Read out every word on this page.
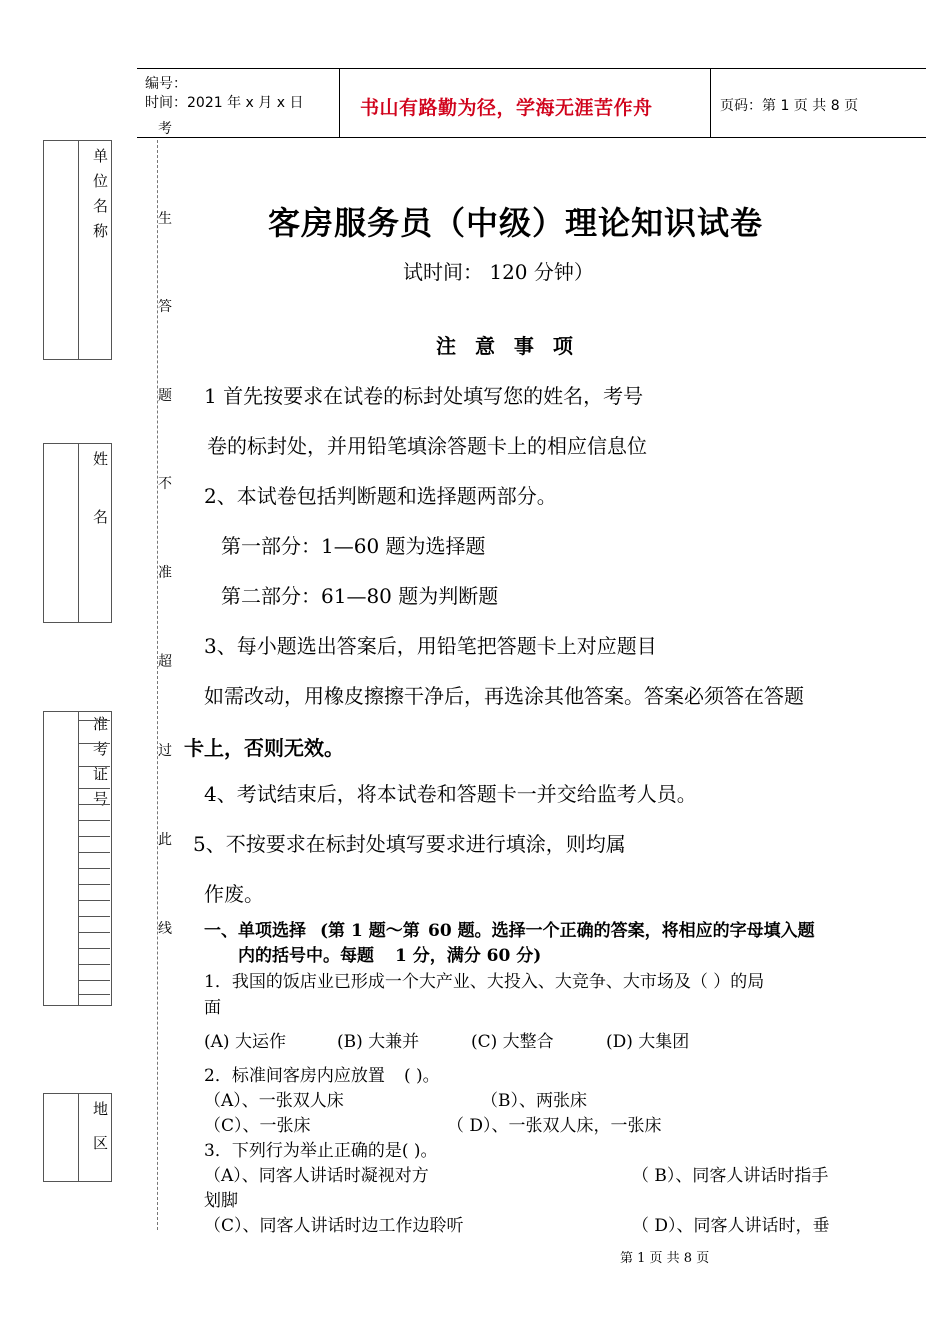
编号：
时间：2021 年 x 月 x 日	书山有路勤为径，学海无涯苦作舟	页码：第 1 页 共 8 页
单
位
名
称
姓
名
准
考
证
号
地
区
考
生
答
题
不
准
超
过
此
线
客房服务员（中级）理论知识试卷
试时间： 120 分钟）
注 意 事 项
1 首先按要求在试卷的标封处填写您的姓名，考号
卷的标封处，并用铅笔填涂答题卡上的相应信息位
2、本试卷包括判断题和选择题两部分。
第一部分：1—60 题为选择题
第二部分：61—80 题为判断题
3、每小题选出答案后，用铅笔把答题卡上对应题目
如需改动，用橡皮擦擦干净后，再选涂其他答案。答案必须答在答题
卡上，否则无效。
4、考试结束后，将本试卷和答题卡一并交给监考人员。
5、不按要求在标封处填写要求进行填涂，则均属
作废。
一、单项选择 (第 1 题～第 60 题。选择一个正确的答案，将相应的字母填入题
内的括号中。每题 1 分，满分 60 分)
1．我国的饭店业已形成一个大产业、大投入、大竞争、大市场及（ ）的局
面
(A) 大运作	(B) 大兼并	(C) 大整合	(D) 大集团
2．标准间客房内应放置 ( )。
（A）、一张双人床	（B）、两张床
（C）、一张床	（ D）、一张双人床，一张床
3．下列行为举止正确的是( )。
（A）、同客人讲话时凝视对方	（ B）、同客人讲话时指手
划脚
（C）、同客人讲话时边工作边聆听	（ D）、同客人讲话时，垂
第 1 页 共 8 页
